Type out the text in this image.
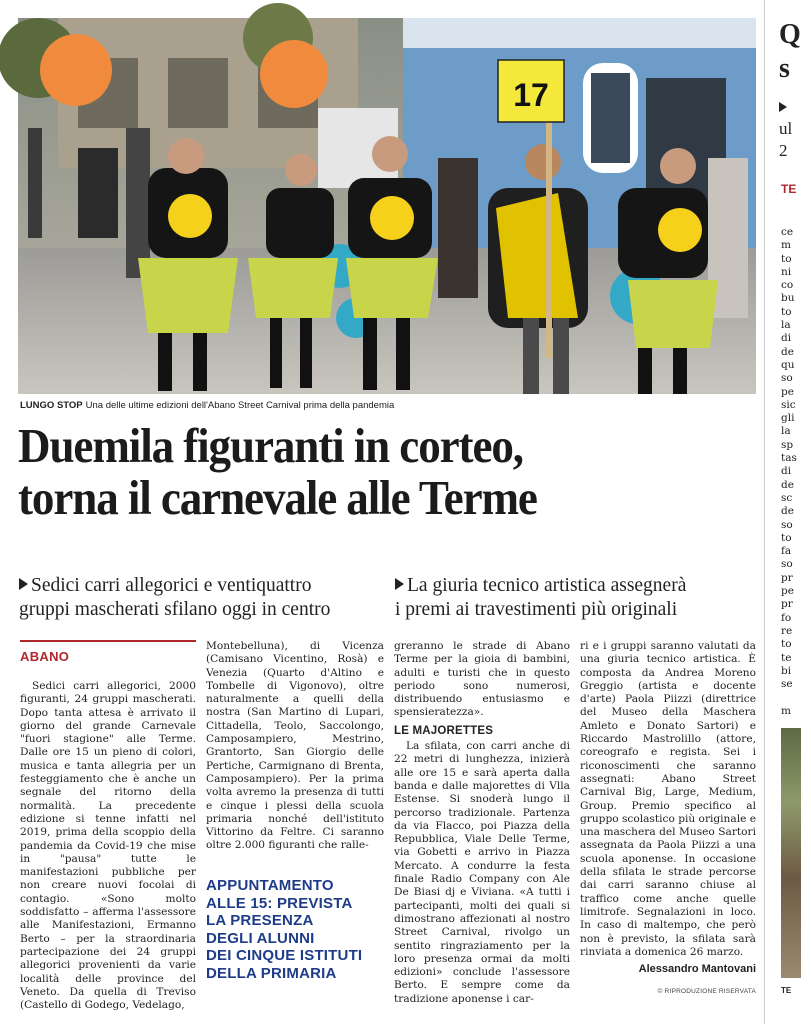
17
LUNGO STOP Una delle ultime edizioni dell'Abano Street Carnival prima della pandemia
Duemila figuranti in corteo,
torna il carnevale alle Terme
Sedici carri allegorici e ventiquattro
gruppi mascherati sfilano oggi in centro
La giuria tecnico artistica assegnerà
i premi ai travestimenti più originali
ABANO

Sedici carri allegorici, 2000 figuranti, 24 gruppi mascherati. Dopo tanta attesa è arrivato il giorno del grande Carnevale "fuori stagione" alle Terme. Dalle ore 15 un pieno di colori, musica e tanta allegria per un festeggiamento che è anche un segnale del ritorno della normalità. La precedente edizione si tenne infatti nel 2019, prima della scoppio della pandemia da Covid-19 che mise in "pausa" tutte le manifestazioni pubbliche per non creare nuovi focolai di contagio. «Sono molto soddisfatto – afferma l'assessore alle Manifestazioni, Ermanno Berto – per la straordinaria partecipazione dei 24 gruppi allegorici provenienti da varie località delle province del Veneto. Da quella di Treviso (Castello di Godego, Vedelago,

Montebelluna), di Vicenza (Camisano Vicentino, Rosà) e Venezia (Quarto d'Altino e Tombelle di Vigonovo), oltre naturalmente a quelli della nostra (San Martino di Lupari, Cittadella, Teolo, Saccolongo, Camposampiero, Mestrino, Grantorto, San Giorgio delle Pertiche, Carmignano di Brenta, Camposampiero). Per la prima volta avremo la presenza di tutti e cinque i plessi della scuola primaria nonché dell'istituto Vittorino da Feltre. Ci saranno oltre 2.000 figuranti che ralle-

APPUNTAMENTO
ALLE 15: PREVISTA
LA PRESENZA
DEGLI ALUNNI
DEI CINQUE ISTITUTI
DELLA PRIMARIA

greranno le strade di Abano Terme per la gioia di bambini, adulti e turisti che in questo periodo sono numerosi, distribuendo entusiasmo e spensieratezza».

LE MAJORETTES

La sfilata, con carri anche di 22 metri di lunghezza, inizierà alle ore 15 e sarà aperta dalla banda e dalle majorettes di Vlla Estense. Si snoderà lungo il percorso tradizionale. Partenza da via Flacco, poi Piazza della Repubblica, Viale Delle Terme, via Gobetti e arrivo in Piazza Mercato. A condurre la festa finale Radio Company con Ale De Biasi dj e Viviana. «A tutti i partecipanti, molti dei quali si dimostrano affezionati al nostro Street Carnival, rivolgo un sentito ringraziamento per la loro presenza ormai da molti edizioni» conclude l'assessore Berto. E sempre come da tradizione aponense i car-

ri e i gruppi saranno valutati da una giuria tecnico artistica. È composta da Andrea Moreno Greggio (artista e docente d'arte) Paola Piizzi (direttrice del Museo della Maschera Amleto e Donato Sartori) e Riccardo Mastrolillo (attore, coreografo e regista. Sei i riconoscimenti che saranno assegnati: Abano Street Carnival Big, Large, Medium, Group. Premio specifico al gruppo scolastico più originale e una maschera del Museo Sartori assegnata da Paola Piizzi a una scuola aponense. In occasione della sfilata le strade percorse dai carri saranno chiuse al traffico come anche quelle limitrofe. Segnalazioni in loco. In caso di maltempo, che però non è previsto, la sfilata sarà rinviata a domenica 26 marzo.

Alessandro Mantovani
© RIPRODUZIONE RISERVATA
Q
s
ul
2
TE
ce
m
to
ni
co
bu
to
la
di
de
qu
so
pe
sic
gli
la
sp
tas
di
de
sc
de
so
to
fa
so
pr
pe
pr
fo
re
to
te
bi
se

m
TE
